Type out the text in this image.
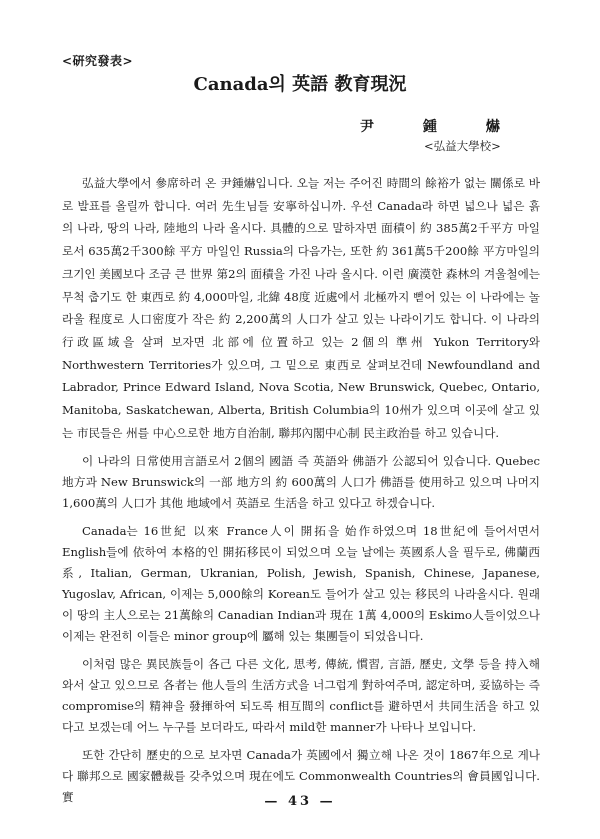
<硏究發表>
Canada의 英語 教育現況
尹 鍾 爀
<弘益大學校>

弘益大學에서 參席하러 온 尹鍾爀입니다. 오늘 저는 주어진 時間의 餘裕가 없는 關係로 바로 발표를 올릴까 합니다. 여러 先生님들 安寧하십니까. 우선 Canada라 하면 넓으나 넓은 흙의 나라, 땅의 나라, 陸地의 나라 올시다. 具體的으로 말하자면 面積이 約 385萬2千平方 마일로서 635萬2千300餘 平方 마일인 Russia의 다음가는, 또한 約 361萬5千200餘 平方마일의 크기인 美國보다 조금 큰 世界 第2의 面積을 가진 나라 올시다. 이런 廣漠한 森林의 겨울철에는 무척 춥기도 한 東西로 約 4,000마일, 北緯 48度 近處에서 北極까지 뻗어 있는 이 나라에는 놀라울 程度로 人口密度가 작은 約 2,200萬의 人口가 살고 있는 나라이기도 합니다. 이 나라의 行政區域을 살펴 보자면 北部에 位置하고 있는 2個의 準州 Yukon Territory와 Northwestern Territories가 있으며, 그 밑으로 東西로 살펴보건데 Newfoundland and Labrador, Prince Edward Island, Nova Scotia, New Brunswick, Quebec, Ontario, Manitoba, Saskatchewan, Alberta, British Columbia의 10州가 있으며 이곳에 살고 있는 市民들은 州를 中心으로한 地方自治制, 聯邦內閣中心制 民主政治를 하고 있습니다.

이 나라의 日常使用言語로서 2個의 國語 즉 英語와 佛語가 公認되어 있습니다. Quebec 地方과 New Brunswick의 一部 地方의 約 600萬의 人口가 佛語를 使用하고 있으며 나머지 1,600萬의 人口가 其他 地域에서 英語로 生活을 하고 있다고 하겠습니다.

Canada는 16世紀 以來 France人이 開拓을 始作하였으며 18世紀에 들어서면서 English들에 依하여 本格的인 開拓移民이 되었으며 오늘 날에는 英國系人을 필두로, 佛蘭西系, Italian, German, Ukranian, Polish, Jewish, Spanish, Chinese, Japanese, Yugoslav, African, 이제는 5,000餘의 Korean도 들어가 살고 있는 移民의 나라올시다. 원래 이 땅의 主人으로는 21萬餘의 Canadian Indian과 現在 1萬 4,000의 Eskimo人들이었으나 이제는 완전히 이들은 minor group에 屬해 있는 集團들이 되었읍니다.

이처럼 많은 異民族들이 各己 다른 文化, 思考, 傳統, 慣習, 言語, 歷史, 文學 등을 持入해 와서 살고 있으므로 各者는 他人들의 生活方式을 너그럽게 對하여주며, 認定하며, 妥協하는 즉 compromise의 精神을 發揮하여 되도록 相互間의 conflict를 避하면서 共同生活을 하고 있다고 보겠는데 어느 누구를 보더라도, 따라서 mild한 manner가 나타나 보입니다.

또한 간단히 歷史的으로 보자면 Canada가 英國에서 獨立해 나온 것이 1867年으로 게나다 聯邦으로 國家體裁를 갖추었으며 現在에도 Commonwealth Countries의 會員國입니다. 實	— 43 —
